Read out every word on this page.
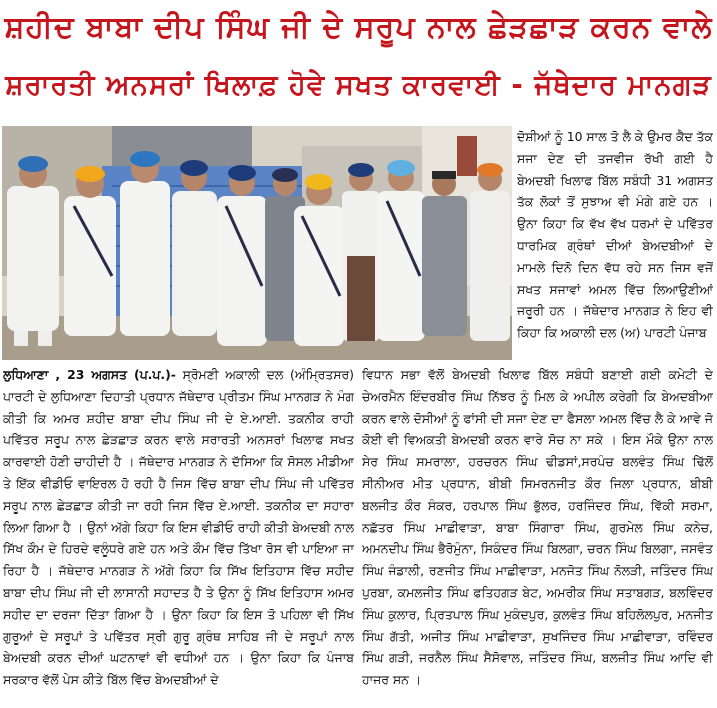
ਸ਼ਹੀਦ ਬਾਬਾ ਦੀਪ ਸਿੰਘ ਜੀ ਦੇ ਸਰੂਪ ਨਾਲ ਛੇੜਛਾੜ ਕਰਨ ਵਾਲੇ
ਸ਼ਰਾਰਤੀ ਅਨਸਰਾਂ ਖਿਲਾਫ਼ ਹੋਵੇ ਸਖਤ ਕਾਰਵਾਈ - ਜੱਥੇਦਾਰ ਮਾਨਗੜ

ਦੋਸ਼ੀਆਂ ਨੂੰ 10 ਸਾਲ ਤੋ ਲੈ ਕੇ ਉਮਰ ਕੈਦ ਤੱਕ ਸਜਾ ਦੇਣ ਦੀ ਤਜਵੀਜ ਰੱਖੀ ਗਈ ਹੈ ਬੇਅਦਬੀ ਖਿਲਾਫ ਬਿੱਲ ਸਬੰਧੀ 31 ਅਗਸਤ ਤੱਕ ਲੋਕਾਂ ਤੋਂ ਸੁਝਾਅ ਵੀ ਮੰਗੇ ਗਏ ਹਨ । ਉਨਾ ਕਿਹਾ ਕਿ ਵੱਖ ਵੱਖ ਧਰਮਾਂ ਦੇ ਪਵਿੱਤਰ ਧਾਰਮਿਕ ਗ੍ਰੰਥਾਂ ਦੀਆਂ ਬੇਅਦਬੀਆਂ ਦੇ ਮਾਮਲੇ ਦਿਨੋ ਦਿਨ ਵੱਧ ਰਹੇ ਸਨ ਜਿਸ ਵਜੋਂ ਸਖਤ ਸਜਾਵਾਂ ਅਮਲ ਵਿੱਚ ਲਿਆਉਣੀਆਂ ਜਰੂਰੀ ਹਨ । ਜੱਥੇਦਾਰ ਮਾਨਗੜ ਨੇ ਇਹ ਵੀ ਕਿਹਾ ਕਿ ਅਕਾਲੀ ਦਲ (ਅ) ਪਾਰਟੀ ਪੰਜਾਬ

ਲੁਧਿਆਣਾ , 23 ਅਗਸਤ (ਪ.ਪ.)- ਸ੍ਰੋਮਣੀ ਅਕਾਲੀ ਦਲ (ਅੰਮ੍ਰਿਤਸਰ) ਪਾਰਟੀ ਦੇ ਲੁਧਿਆਣਾ ਦਿਹਾਤੀ ਪ੍ਰਧਾਨ ਜੱਥੇਦਾਰ ਪ੍ਰੀਤਮ ਸਿੰਘ ਮਾਨਗੜ ਨੇ ਮੰਗ ਕੀਤੀ ਕਿ ਅਮਰ ਸ਼ਹੀਦ ਬਾਬਾ ਦੀਪ ਸਿੰਘ ਜੀ ਦੇ ਏ.ਆਈ. ਤਕਨੀਕ ਰਾਹੀ ਪਵਿੱਤਰ ਸਰੂਪ ਨਾਲ ਛੇੜਛਾੜ ਕਰਨ ਵਾਲੇ ਸਰਾਰਤੀ ਅਨਸਰਾਂ ਖਿਲਾਫ ਸਖਤ ਕਾਰਵਾਈ ਹੋਣੀ ਚਾਹੀਦੀ ਹੈ । ਜੱਥੇਦਾਰ ਮਾਨਗੜ ਨੇ ਦੱਸਿਆ ਕਿ ਸੋਸਲ ਮੀਡੀਆ ਤੇ ਇੱਕ ਵੀਡੀਓ ਵਾਇਰਲ ਹੋ ਰਹੀ ਹੈ ਜਿਸ ਵਿੱਚ ਬਾਬਾ ਦੀਪ ਸਿੰਘ ਜੀ ਪਵਿੱਤਰ ਸਰੂਪ ਨਾਲ ਛੇੜਛਾੜ ਕੀਤੀ ਜਾ ਰਹੀ ਜਿਸ ਵਿੱਚ ਏ.ਆਈ. ਤਕਨੀਕ ਦਾ ਸਹਾਰਾ ਲਿਆ ਗਿਆ ਹੈ । ਉਨਾਂ ਅੱਗੇ ਕਿਹਾ ਕਿ ਇਸ ਵੀਡੀਓ ਰਾਹੀ ਕੀਤੀ ਬੇਅਦਬੀ ਨਾਲ ਸਿੱਖ ਕੌਮ ਦੇ ਹਿਰਦੇ ਵਲੂੰਧਰੇ ਗਏ ਹਨ ਅਤੇ ਕੌਮ ਵਿੱਚ ਤਿੱਖਾ ਰੋਸ ਵੀ ਪਾਇਆ ਜਾ ਰਿਹਾ ਹੈ । ਜੱਥੇਦਾਰ ਮਾਨਗੜ ਨੇ ਅੱਗੇ ਕਿਹਾ ਕਿ ਸਿੱਖ ਇਤਿਹਾਸ ਵਿੱਚ ਸਹੀਦ ਬਾਬਾ ਦੀਪ ਸਿੰਘ ਜੀ ਦੀ ਲਾਸਾਨੀ ਸਹਾਦਤ ਹੈ ਤੇ ਉਨਾ ਨੂੰ ਸਿੱਖ ਇਤਿਹਾਸ ਅਮਰ ਸਹੀਦ ਦਾ ਦਰਜਾ ਦਿੱਤਾ ਗਿਆ ਹੈ । ਉਨਾ ਕਿਹਾ ਕਿ ਇਸ ਤੋ ਪਹਿਲਾ ਵੀ ਸਿੱਖ ਗੁਰੂਆਂ ਦੇ ਸਰੂਪਾਂ ਤੇ ਪਵਿੱਤਰ ਸ੍ਰੀ ਗੁਰੂ ਗ੍ਰੰਥ ਸਾਹਿਬ ਜੀ ਦੇ ਸਰੂਪਾਂ ਨਾਲ ਬੇਅਦਬੀ ਕਰਨ ਦੀਆਂ ਘਟਨਾਵਾਂ ਵੀ ਵਧੀਆਂ ਹਨ । ਉਨਾ ਕਿਹਾ ਕਿ ਪੰਜਾਬ ਸਰਕਾਰ ਵੱਲੋਂ ਪੇਸ ਕੀਤੇ ਬਿੱਲ ਵਿੱਚ ਬੇਅਦਬੀਆਂ ਦੇ

ਵਿਧਾਨ ਸਭਾ ਵੱਲੋਂ ਬੇਅਦਬੀ ਖਿਲਾਫ ਬਿੱਲ ਸਬੰਧੀ ਬਣਾਈ ਗਈ ਕਮੇਟੀ ਦੇ ਚੇਅਰਮੈਨ ਇੰਦਰਬੀਰ ਸਿੰਘ ਨਿੱਝਰ ਨੂੰ ਮਿਲ ਕੇ ਅਪੀਲ ਕਰੇਗੀ ਕਿ ਬੇਅਦਬੀਆ ਕਰਨ ਵਾਲੇ ਦੋਸੀਆਂ ਨੂੰ ਫਾਂਸੀ ਦੀ ਸਜਾ ਦੇਣ ਦਾ ਫੈਸਲਾ ਅਮਲ ਵਿੱਚ ਲੈ ਕੇ ਆਵੇ ਜੋ ਕੋਈ ਵੀ ਵਿਅਕਤੀ ਬੇਅਦਬੀ ਕਰਨ ਵਾਰੇ ਸੋਚ ਨਾ ਸਕੇ । ਇਸ ਮੌਕੇ ਉਨਾ ਨਾਲ ਸੇਰ ਸਿੰਘ ਸਮਰਾਲਾ, ਹਰਚਰਨ ਸਿੰਘ ਢੀਡਸਾਂ,ਸਰਪੰਚ ਬਲਵੰਤ ਸਿੰਘ ਢਿੱਲੋਂ ਸੀਨੀਅਰ ਮੀਤ ਪ੍ਰਧਾਨ, ਬੀਬੀ ਸਿਮਰਨਜੀਤ ਕੌਰ ਜਿਲਾ ਪ੍ਰਧਾਨ, ਬੀਬੀ ਬਲਜੀਤ ਕੌਰ ਸੰਕਰ, ਹਰਪਾਲ ਸਿੰਘ ਭੁੱਲਰ, ਹਰਜਿੰਦਰ ਸਿੰਘ, ਵਿੱਕੀ ਸਰਮਾ, ਨਛੱਤਰ ਸਿੰਘ ਮਾਛੀਵਾੜਾ, ਬਾਬਾ ਸਿੰਗਾਰਾ ਸਿੰਘ, ਗੁਰਮੇਲ ਸਿੰਘ ਕਨੇਚ, ਅਮਨਦੀਪ ਸਿੰਘ ਭੈਰੋਮੁੰਨਾ, ਸਿਕੰਦਰ ਸਿੰਘ ਬਿਲਗਾ, ਚਰਨ ਸਿੰਘ ਬਿਲਗਾ, ਜਸਵੰਤ ਸਿੰਘ ਜੰਡਾਲੀ, ਰਣਜੀਤ ਸਿੰਘ ਮਾਛੀਵਾੜਾ, ਮਨਜੋਤ ਸਿੰਘ ਨੋਲੜੀ, ਜਤਿੰਦਰ ਸਿੰਘ ਪੁਰਬਾ, ਕਮਲਜੀਤ ਸਿੰਘ ਫਤਿਹਗੜ ਬੇਟ, ਅਮਰੀਕ ਸਿੰਘ ਸਤਾਬਗੜ, ਬਲਵਿੰਦਰ ਸਿੰਘ ਕੁਲਾਰ, ਪ੍ਰਿਤਪਾਲ ਸਿੰਘ ਮੁਕੰਦਪੁਰ, ਕੁਲਵੰਤ ਸਿੰਘ ਬਹਿਲੋਲਪੁਰ, ਮਨਜੀਤ ਸਿੰਘ ਗੱਤੀ, ਅਜੀਤ ਸਿੰਘ ਮਾਛੀਵਾੜਾ, ਸੁਖਜਿੰਦਰ ਸਿੰਘ ਮਾਛੀਵਾੜਾ, ਰਵਿੰਦਰ ਸਿੰਘ ਗੜੀ, ਜਰਨੈਲ ਸਿੰਘ ਸੈਸੋਵਾਲ, ਜਤਿੰਦਰ ਸਿੰਘ, ਬਲਜੀਤ ਸਿੰਘ ਆਦਿ ਵੀ ਹਾਜਰ ਸਨ ।
